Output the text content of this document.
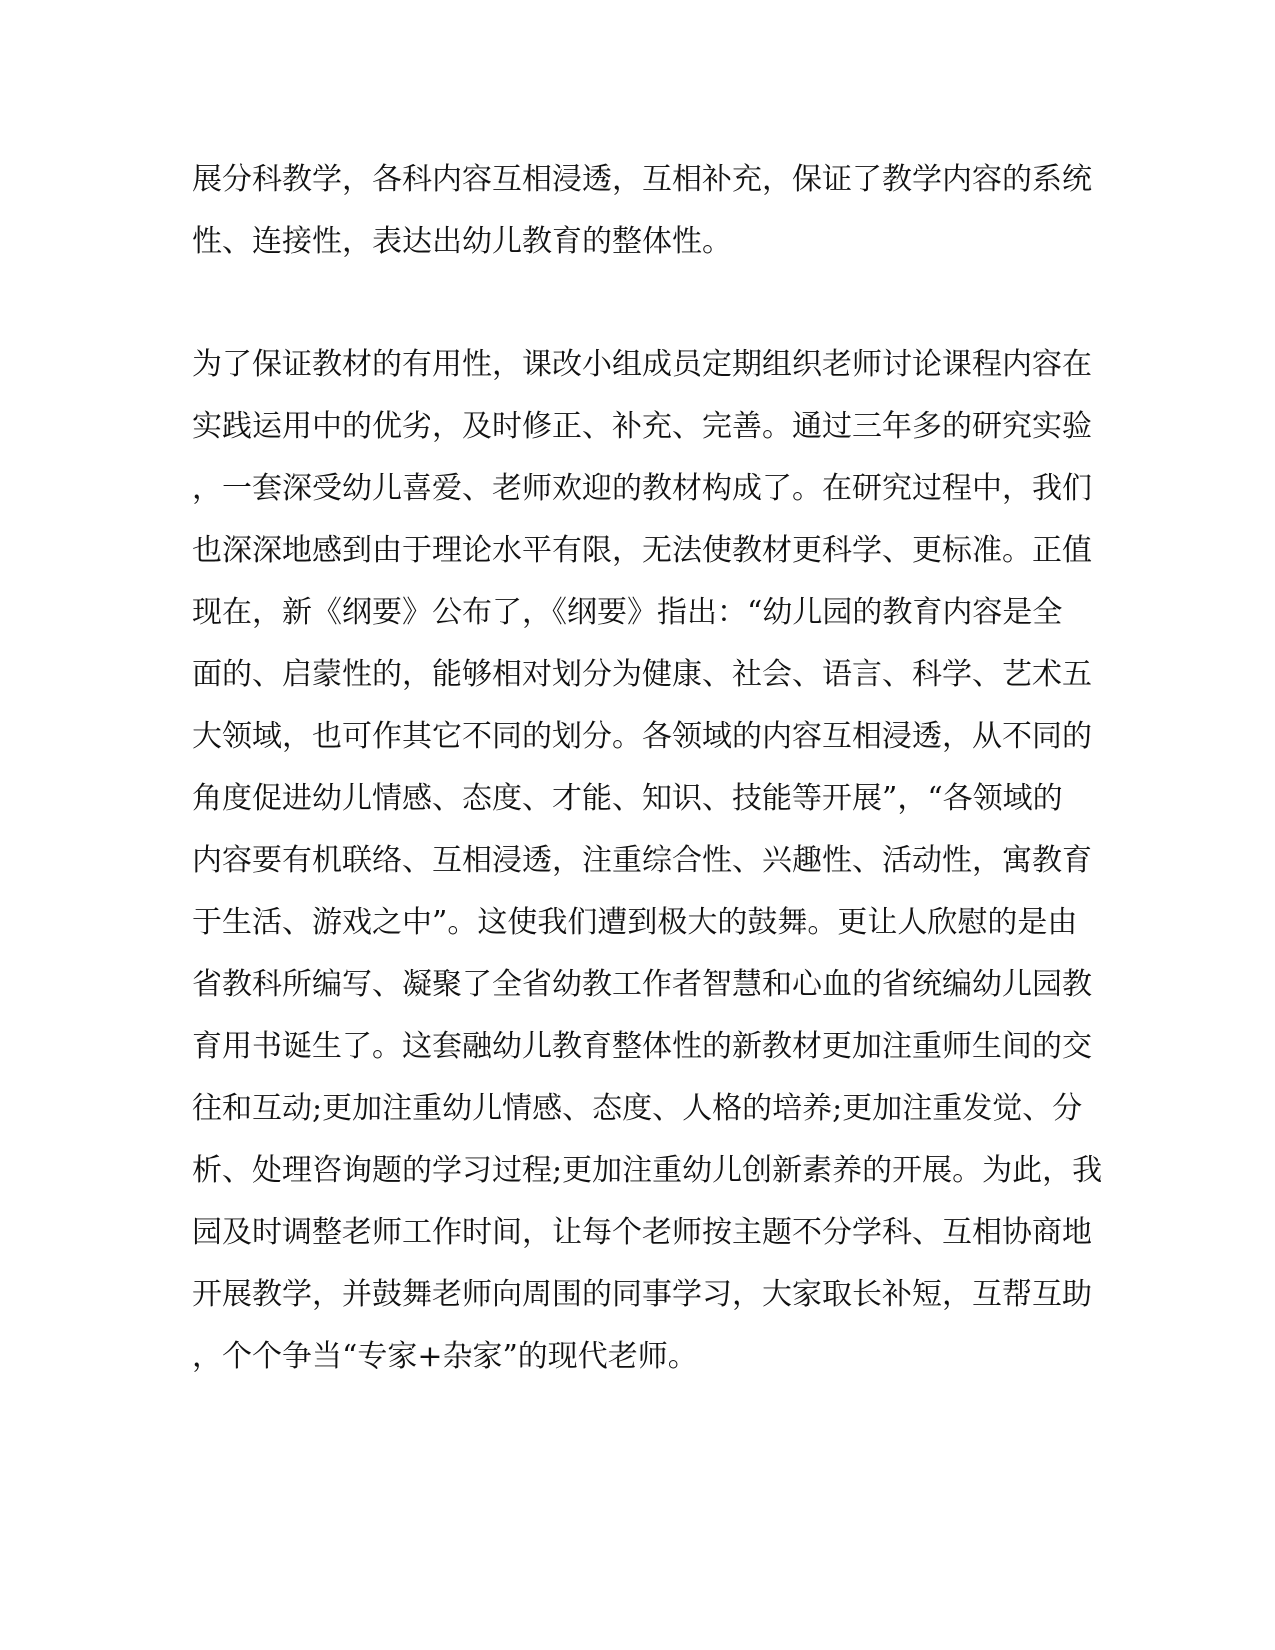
展分科教学，各科内容互相浸透，互相补充，保证了教学内容的系统

性、连接性，表达出幼儿教育的整体性。

为了保证教材的有用性，课改小组成员定期组织老师讨论课程内容在

实践运用中的优劣，及时修正、补充、完善。通过三年多的研究实验

，一套深受幼儿喜爱、老师欢迎的教材构成了。在研究过程中，我们

也深深地感到由于理论水平有限，无法使教材更科学、更标准。正值

现在，新《纲要》公布了，《纲要》指出：“幼儿园的教育内容是全

面的、启蒙性的，能够相对划分为健康、社会、语言、科学、艺术五

大领域，也可作其它不同的划分。各领域的内容互相浸透，从不同的

角度促进幼儿情感、态度、才能、知识、技能等开展”，“各领域的

内容要有机联络、互相浸透，注重综合性、兴趣性、活动性，寓教育

于生活、游戏之中”。这使我们遭到极大的鼓舞。更让人欣慰的是由

省教科所编写、凝聚了全省幼教工作者智慧和心血的省统编幼儿园教

育用书诞生了。这套融幼儿教育整体性的新教材更加注重师生间的交

往和互动;更加注重幼儿情感、态度、人格的培养;更加注重发觉、分

析、处理咨询题的学习过程;更加注重幼儿创新素养的开展。为此，我

园及时调整老师工作时间，让每个老师按主题不分学科、互相协商地

开展教学，并鼓舞老师向周围的同事学习，大家取长补短，互帮互助

，个个争当“专家+杂家”的现代老师。
